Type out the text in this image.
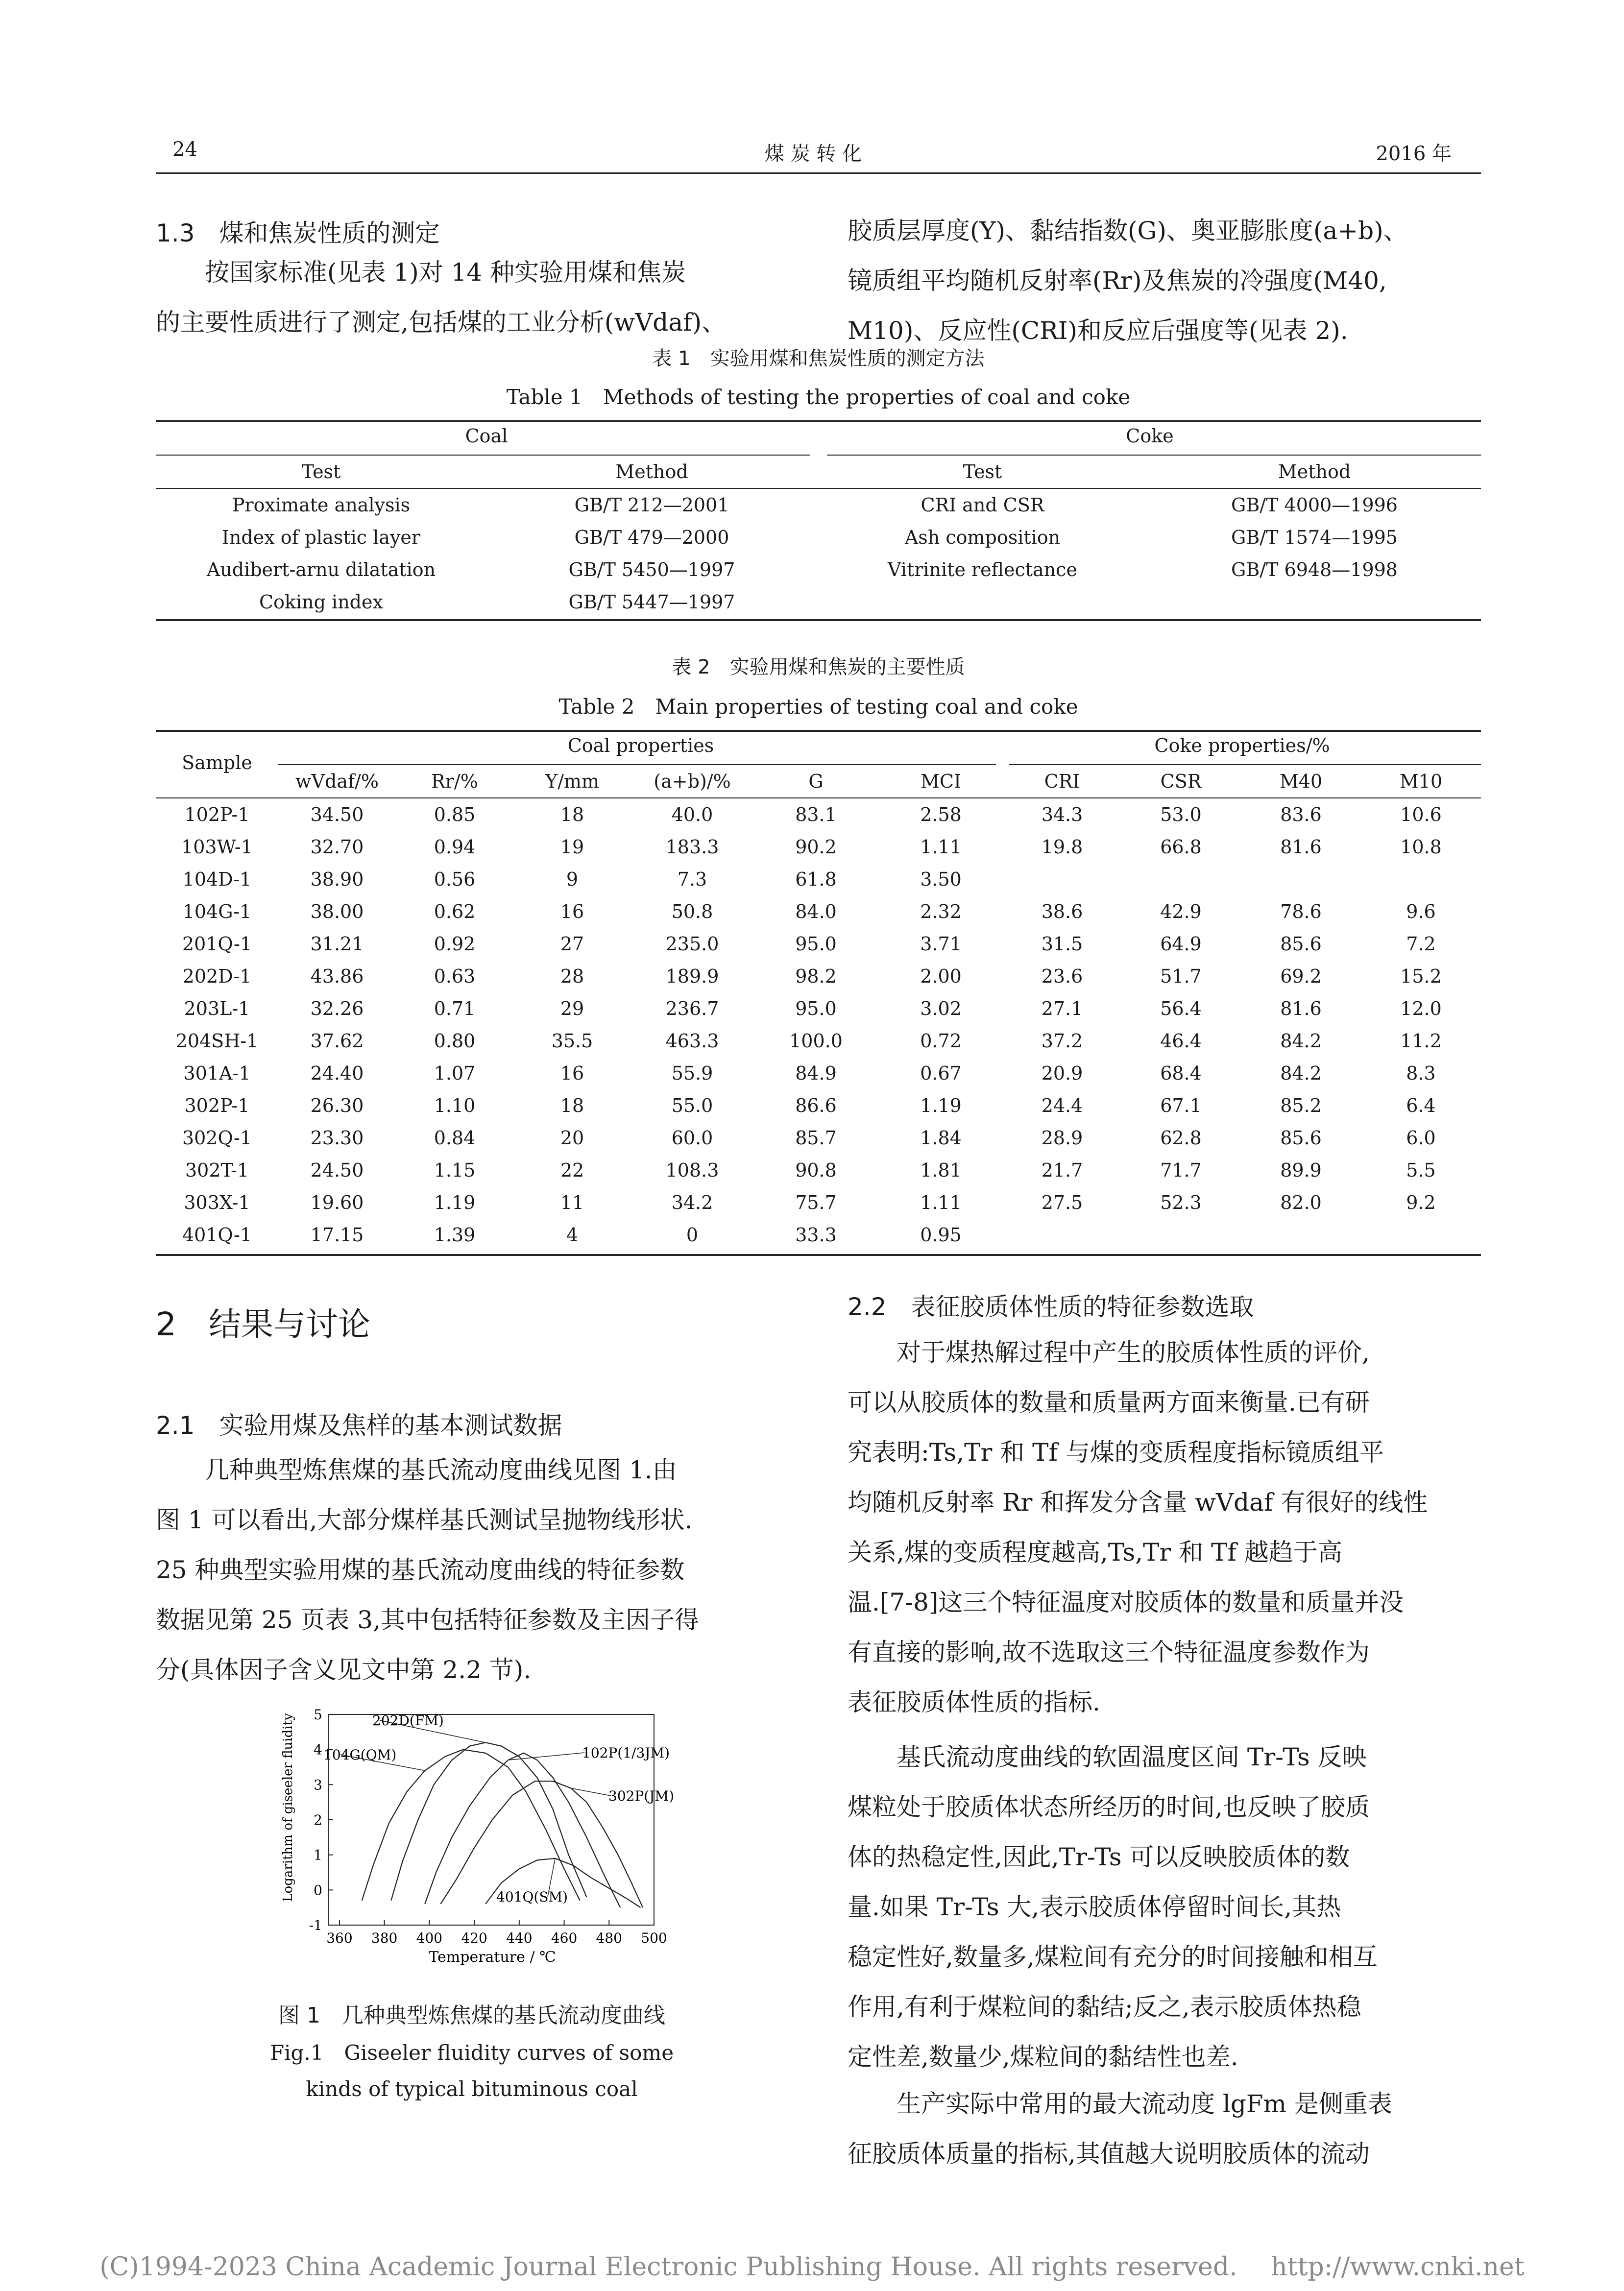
24	煤 炭 转 化	2016 年
1.3　煤和焦炭性质的测定
按国家标准(见表 1)对 14 种实验用煤和焦炭
的主要性质进行了测定,包括煤的工业分析(wVdaf)、
胶质层厚度(Y)、黏结指数(G)、奥亚膨胀度(a+b)、
镜质组平均随机反射率(Rr)及焦炭的冷强度(M40,
M10)、反应性(CRI)和反应后强度等(见表 2).
表 1　实验用煤和焦炭性质的测定方法
Table 1　Methods of testing the properties of coal and coke
Coal	Coke
Test	Method	Test	Method
Proximate analysis	GB/T 212—2001	CRI and CSR	GB/T 4000—1996
Index of plastic layer	GB/T 479—2000	Ash composition	GB/T 1574—1995
Audibert-arnu dilatation	GB/T 5450—1997	Vitrinite reflectance	GB/T 6948—1998
Coking index	GB/T 5447—1997		
表 2　实验用煤和焦炭的主要性质
Table 2　Main properties of testing coal and coke
Sample
Coal properties	Coke properties/%
	wVdaf/%	Rr/%	Y/mm	(a+b)/%	G	MCI	CRI	CSR	M40	M10
102P-1	34.50	0.85	18	40.0	83.1	2.58	34.3	53.0	83.6	10.6
103W-1	32.70	0.94	19	183.3	90.2	1.11	19.8	66.8	81.6	10.8
104D-1	38.90	0.56	9	7.3	61.8	3.50				
104G-1	38.00	0.62	16	50.8	84.0	2.32	38.6	42.9	78.6	9.6
201Q-1	31.21	0.92	27	235.0	95.0	3.71	31.5	64.9	85.6	7.2
202D-1	43.86	0.63	28	189.9	98.2	2.00	23.6	51.7	69.2	15.2
203L-1	32.26	0.71	29	236.7	95.0	3.02	27.1	56.4	81.6	12.0
204SH-1	37.62	0.80	35.5	463.3	100.0	0.72	37.2	46.4	84.2	11.2
301A-1	24.40	1.07	16	55.9	84.9	0.67	20.9	68.4	84.2	8.3
302P-1	26.30	1.10	18	55.0	86.6	1.19	24.4	67.1	85.2	6.4
302Q-1	23.30	0.84	20	60.0	85.7	1.84	28.9	62.8	85.6	6.0
302T-1	24.50	1.15	22	108.3	90.8	1.81	21.7	71.7	89.9	5.5
303X-1	19.60	1.19	11	34.2	75.7	1.11	27.5	52.3	82.0	9.2
401Q-1	17.15	1.39	4	0	33.3	0.95				
2　结果与讨论
2.1　实验用煤及焦样的基本测试数据
几种典型炼焦煤的基氏流动度曲线见图 1.由
图 1 可以看出,大部分煤样基氏测试呈抛物线形状.
25 种典型实验用煤的基氏流动度曲线的特征参数
数据见第 25 页表 3,其中包括特征参数及主因子得
分(具体因子含义见文中第 2.2 节).
360 380 400 420 440 460 480 500
-1
0
1
2
3
4
5	202D(FM)
104G(QM)	102P(1/3JM)
302P(JM)
401Q(SM)
Temperature / ℃
Logarithm of giseeler fluidity
图 1　几种典型炼焦煤的基氏流动度曲线
Fig.1　Giseeler fluidity curves of some
kinds of typical bituminous coal
2.2　表征胶质体性质的特征参数选取
对于煤热解过程中产生的胶质体性质的评价,
可以从胶质体的数量和质量两方面来衡量.已有研
究表明:Ts,Tr 和 Tf 与煤的变质程度指标镜质组平
均随机反射率 Rr 和挥发分含量 wVdaf 有很好的线性
关系,煤的变质程度越高,Ts,Tr 和 Tf 越趋于高
温.[7-8]这三个特征温度对胶质体的数量和质量并没
有直接的影响,故不选取这三个特征温度参数作为
表征胶质体性质的指标.
基氏流动度曲线的软固温度区间 Tr-Ts 反映
煤粒处于胶质体状态所经历的时间,也反映了胶质
体的热稳定性,因此,Tr-Ts 可以反映胶质体的数
量.如果 Tr-Ts 大,表示胶质体停留时间长,其热
稳定性好,数量多,煤粒间有充分的时间接触和相互
作用,有利于煤粒间的黏结;反之,表示胶质体热稳
定性差,数量少,煤粒间的黏结性也差.
生产实际中常用的最大流动度 lgFm 是侧重表
征胶质体质量的指标,其值越大说明胶质体的流动
(C)1994-2023 China Academic Journal Electronic Publishing House. All rights reserved.　 http://www.cnki.net
